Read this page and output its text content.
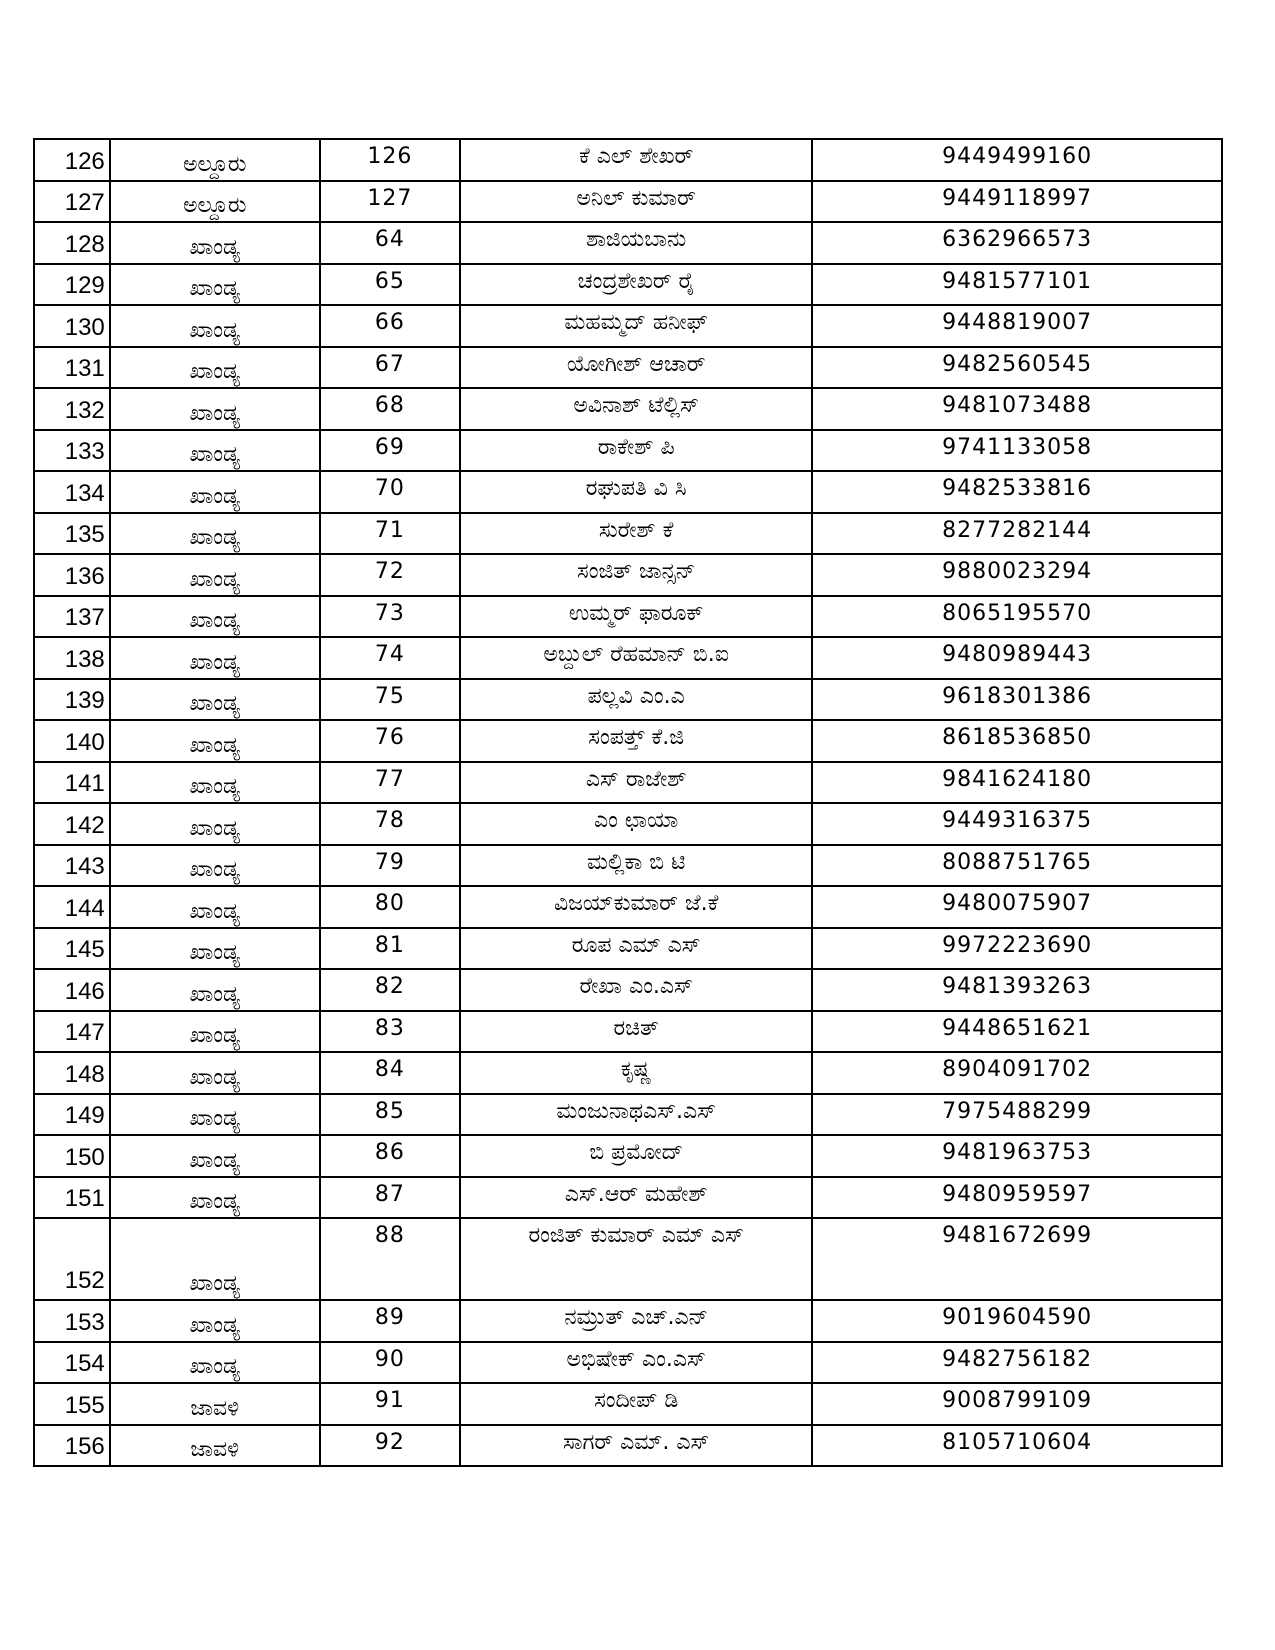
126	ಅಲ್ದೂರು	126	ಕೆ ಎಲ್ ಶೇಖರ್	9449499160
127	ಅಲ್ದೂರು	127	ಅನಿಲ್ ಕುಮಾರ್	9449118997
128	ಖಾಂಡ್ಯ	64	ಶಾಜಿಯಬಾನು	6362966573
129	ಖಾಂಡ್ಯ	65	ಚಂದ್ರಶೇಖರ್ ರೈ	9481577101
130	ಖಾಂಡ್ಯ	66	ಮಹಮ್ಮದ್ ಹನೀಫ್	9448819007
131	ಖಾಂಡ್ಯ	67	ಯೋಗೀಶ್ ಆಚಾರ್	9482560545
132	ಖಾಂಡ್ಯ	68	ಅವಿನಾಶ್ ಟೆಲ್ಲಿಸ್	9481073488
133	ಖಾಂಡ್ಯ	69	ರಾಕೇಶ್ ಪಿ	9741133058
134	ಖಾಂಡ್ಯ	70	ರಘುಪತಿ ವಿ ಸಿ	9482533816
135	ಖಾಂಡ್ಯ	71	ಸುರೇಶ್ ಕೆ	8277282144
136	ಖಾಂಡ್ಯ	72	ಸಂಜಿತ್ ಜಾನ್ಸನ್	9880023294
137	ಖಾಂಡ್ಯ	73	ಉಮ್ಮರ್ ಫಾರೂಕ್	8065195570
138	ಖಾಂಡ್ಯ	74	ಅಬ್ದುಲ್ ರೆಹಮಾನ್ ಬಿ.ಐ	9480989443
139	ಖಾಂಡ್ಯ	75	ಪಲ್ಲವಿ ಎಂ.ಎ	9618301386
140	ಖಾಂಡ್ಯ	76	ಸಂಪತ್ತ್ ಕೆ.ಜಿ	8618536850
141	ಖಾಂಡ್ಯ	77	ಎಸ್ ರಾಜೇಶ್	9841624180
142	ಖಾಂಡ್ಯ	78	ಎಂ ಛಾಯಾ	9449316375
143	ಖಾಂಡ್ಯ	79	ಮಲ್ಲಿಕಾ ಬಿ ಟಿ	8088751765
144	ಖಾಂಡ್ಯ	80	ವಿಜಯ್‌ಕುಮಾರ್ ಜೆ.ಕೆ	9480075907
145	ಖಾಂಡ್ಯ	81	ರೂಪ ಎಮ್ ಎಸ್	9972223690
146	ಖಾಂಡ್ಯ	82	ರೇಖಾ ಎಂ.ಎಸ್	9481393263
147	ಖಾಂಡ್ಯ	83	ರಚಿತ್	9448651621
148	ಖಾಂಡ್ಯ	84	ಕೃಷ್ಣ	8904091702
149	ಖಾಂಡ್ಯ	85	ಮಂಜುನಾಥಎಸ್.ಎಸ್	7975488299
150	ಖಾಂಡ್ಯ	86	ಬಿ ಪ್ರಮೋದ್	9481963753
151	ಖಾಂಡ್ಯ	87	ಎಸ್.ಆರ್ ಮಹೇಶ್	9480959597
152	ಖಾಂಡ್ಯ	88	ರಂಜಿತ್ ಕುಮಾರ್ ಎಮ್ ಎಸ್	9481672699
153	ಖಾಂಡ್ಯ	89	ನಮ್ರುತ್ ಎಚ್.ಎನ್	9019604590
154	ಖಾಂಡ್ಯ	90	ಅಭಿಷೇಕ್ ಎಂ.ಎಸ್	9482756182
155	ಜಾವಳಿ	91	ಸಂದೀಪ್ ಡಿ	9008799109
156	ಜಾವಳಿ	92	ಸಾಗರ್ ಎಮ್. ಎಸ್	8105710604
